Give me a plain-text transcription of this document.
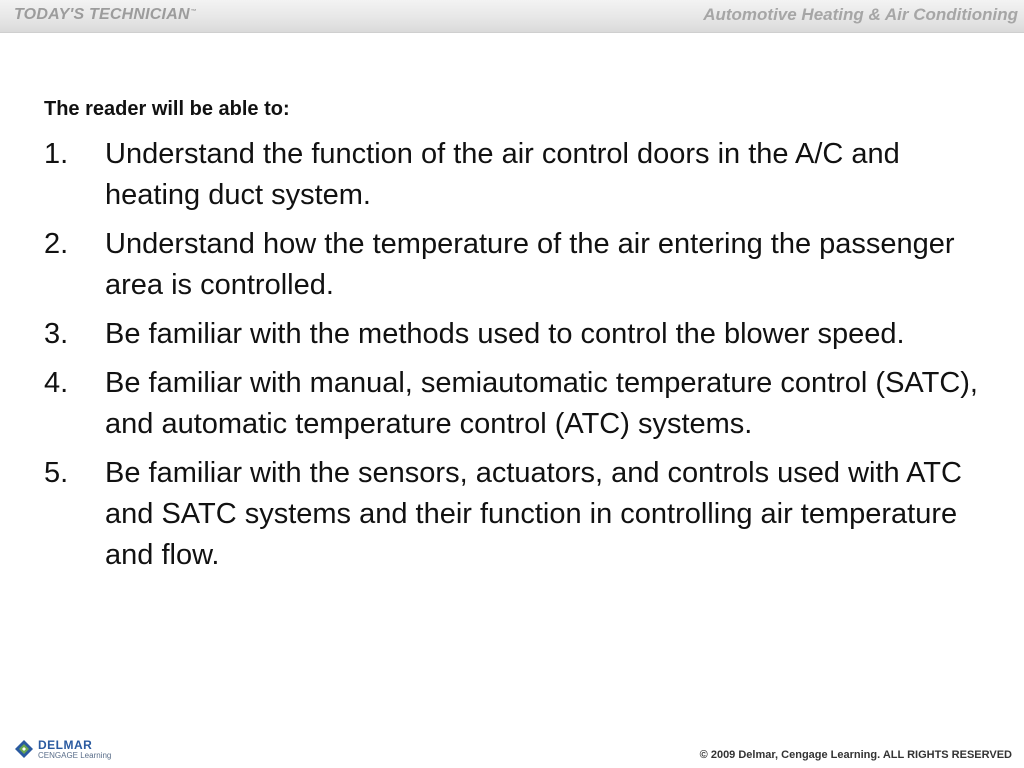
TODAY'S TECHNICIAN™	Automotive Heating & Air Conditioning
The reader will be able to:
1.	Understand the function of the air control doors in the A/C and heating duct system.
2.	Understand how the temperature of the air entering the passenger area is controlled.
3.	Be familiar with the methods used to control the blower speed.
4.	Be familiar with manual, semiautomatic temperature control (SATC), and automatic temperature control (ATC) systems.
5.	Be familiar with the sensors, actuators, and controls used with ATC and SATC systems and their function in controlling air temperature and flow.
DELMAR
CENGAGE Learning	© 2009 Delmar, Cengage Learning. ALL RIGHTS RESERVED
